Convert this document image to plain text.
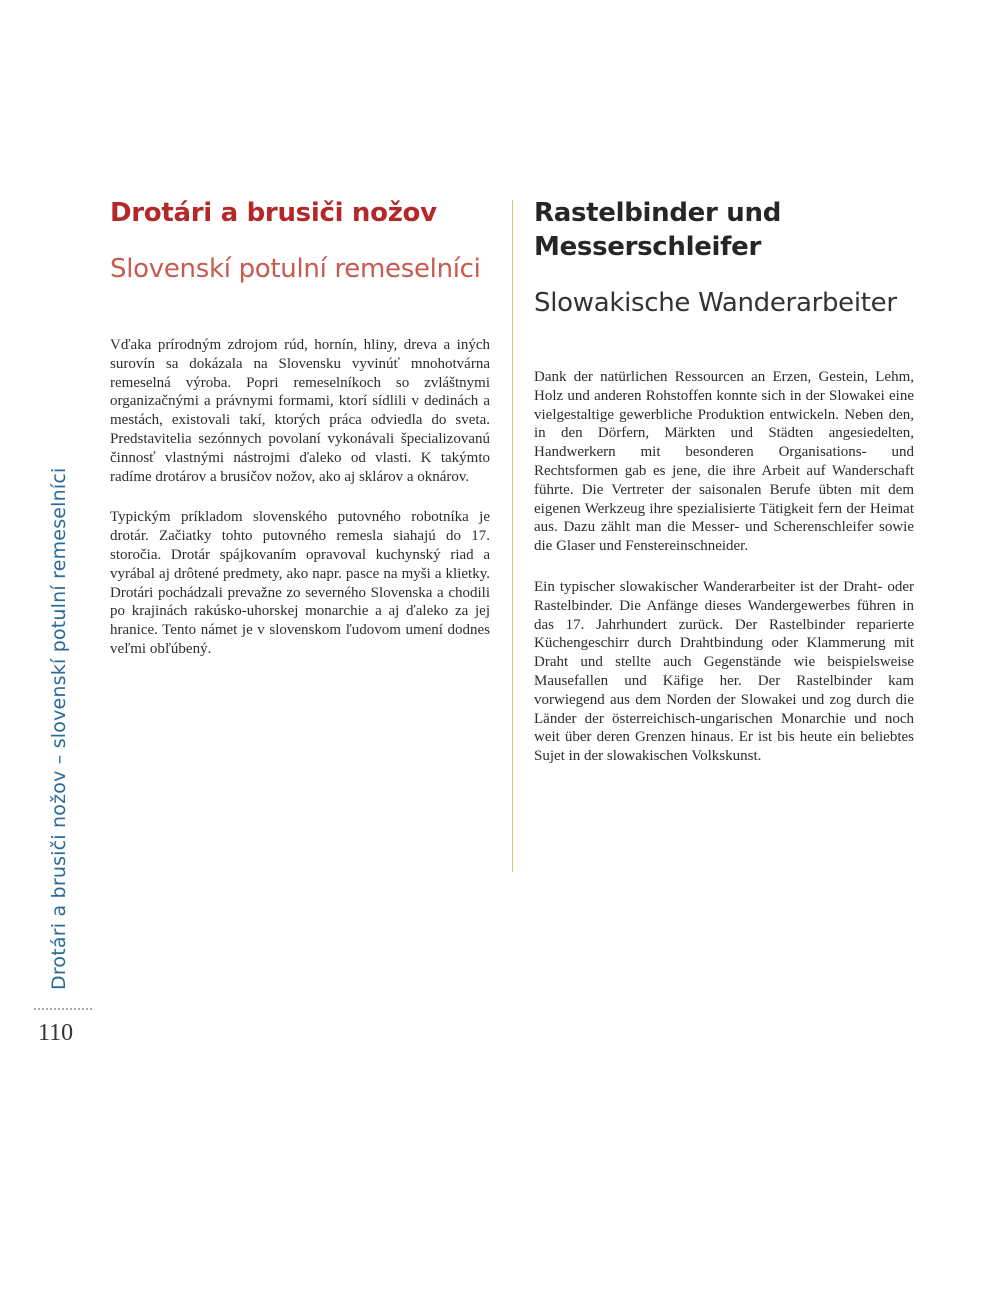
Drotári a brusiči nožov – slovenskí potulní remeselníci
110
Drotári a brusiči nožov
Slovenskí potulní remeselníci

Vďaka prírodným zdrojom rúd, hornín, hliny, dreva a iných surovín sa dokázala na Slovensku vyvinúť mnohotvárna remeselná výroba. Popri remeselníkoch so zvláštnymi organizačnými a právnymi formami, ktorí sídlili v dedinách a mestách, existovali takí, ktorých práca odviedla do sveta. Predstavitelia sezónnych povolaní vykonávali špecializovanú činnosť vlastnými nástrojmi ďaleko od vlasti. K takýmto radíme drotárov a brusičov nožov, ako aj sklárov a oknárov.

Typickým príkladom slovenského putovného robotníka je drotár. Začiatky tohto putovného remesla siahajú do 17. storočia. Drotár spájkovaním opravoval kuchynský riad a vyrábal aj drôtené predmety, ako napr. pasce na myši a klietky. Drotári pochádzali prevažne zo severného Slovenska a chodili po krajinách rakúsko-uhorskej monarchie a aj ďaleko za jej hranice. Tento námet je v slovenskom ľudovom umení dodnes veľmi obľúbený.

Rastelbinder und Messerschleifer
Slowakische Wanderarbeiter

Dank der natürlichen Ressourcen an Erzen, Gestein, Lehm, Holz und anderen Rohstoffen konnte sich in der Slowakei eine vielgestaltige gewerbliche Produktion entwickeln. Neben den, in den Dörfern, Märkten und Städten angesiedelten, Handwerkern mit besonderen Organisations- und Rechtsformen gab es jene, die ihre Arbeit auf Wanderschaft führte. Die Vertreter der saisonalen Berufe übten mit dem eigenen Werkzeug ihre spezialisierte Tätigkeit fern der Heimat aus. Dazu zählt man die Messer- und Scherenschleifer sowie die Glaser und Fenstereinschneider.

Ein typischer slowakischer Wanderarbeiter ist der Draht- oder Rastelbinder. Die Anfänge dieses Wandergewerbes führen in das 17. Jahrhundert zurück. Der Rastelbinder reparierte Küchengeschirr durch Drahtbindung oder Klammerung mit Draht und stellte auch Gegenstände wie beispielsweise Mausefallen und Käfige her. Der Rastelbinder kam vorwiegend aus dem Norden der Slowakei und zog durch die Länder der österreichisch-ungarischen Monarchie und noch weit über deren Grenzen hinaus. Er ist bis heute ein beliebtes Sujet in der slowakischen Volkskunst.
